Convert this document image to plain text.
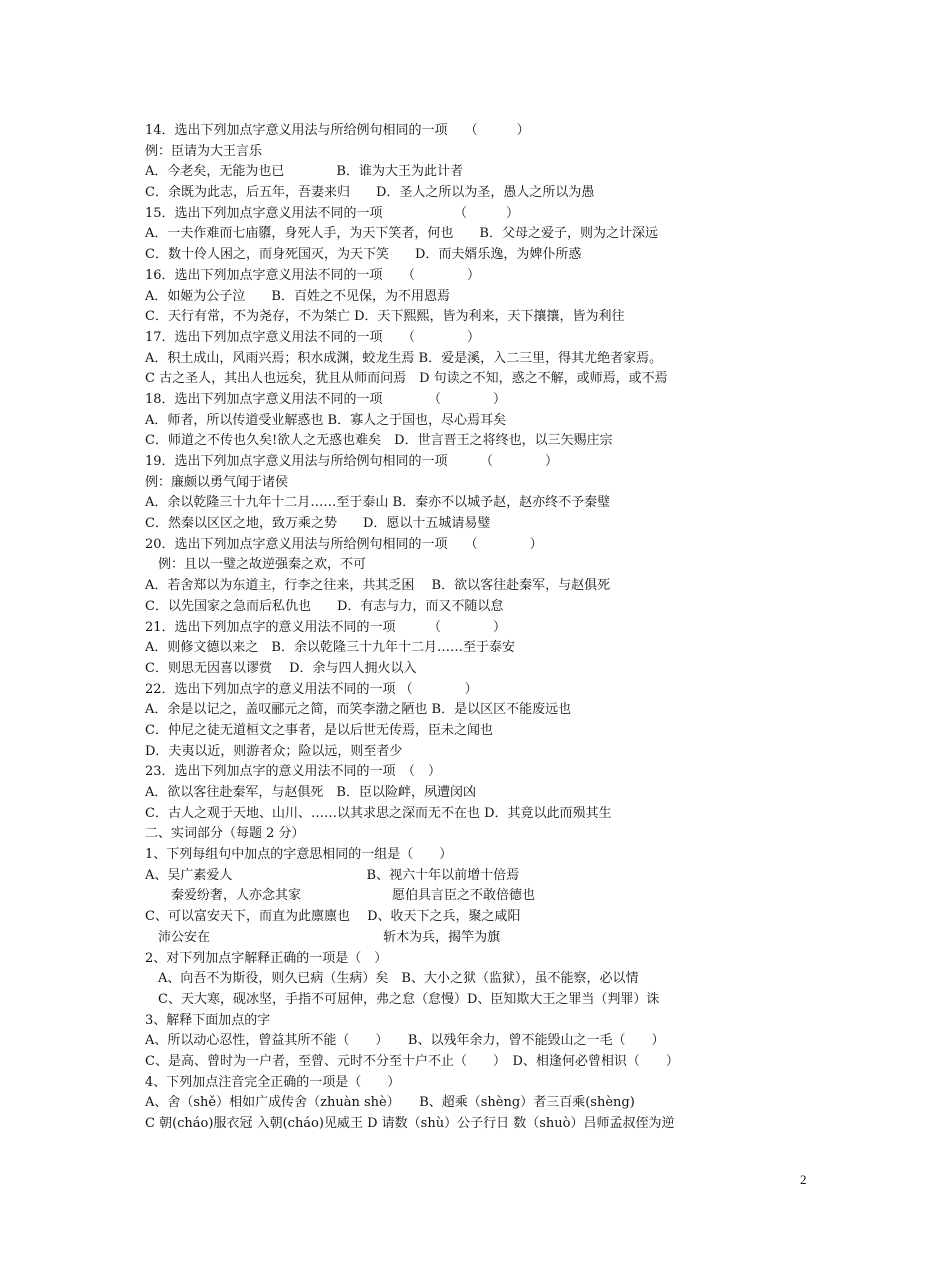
14．选出下列加点字意义用法与所给例句相同的一项　 （　　　）
例：臣请为大王言乐
A．今老矣，无能为也已　　　　B．谁为大王为此计者
C．余既为此志，后五年，吾妻来归　　D．圣人之所以为圣，愚人之所以为愚
15．选出下列加点字意义用法不同的一项　　　　　　（　　　）
A．一夫作难而七庙隳，身死人手，为天下笑者，何也　　B．父母之爱子，则为之计深远
C．数十伶人困之，而身死国灭，为天下笑　　D．而夫婿乐逸，为婢仆所惑
16．选出下列加点字意义用法不同的一项　　（　　　　）
A．如姬为公子泣　　B．百姓之不见保，为不用恩焉
C．天行有常，不为尧存，不为桀亡 D．天下熙熙，皆为利来，天下攘攘，皆为利往
17．选出下列加点字意义用法不同的一项　　（　　　　）
A．积土成山，风雨兴焉；积水成渊，蛟龙生焉 B．爱是溪，入二三里，得其尤绝者家焉。
C 古之圣人，其出人也远矣，犹且从师而问焉　D 句读之不知，惑之不解，或师焉，或不焉
18．选出下列加点字意义用法不同的一项　　　　（　　　　）
A．师者，所以传道受业解惑也 B．寡人之于国也，尽心焉耳矣
C．师道之不传也久矣!欲人之无惑也难矣　D．世言晋王之将终也，以三矢赐庄宗
19．选出下列加点字意义用法与所给例句相同的一项　　　（　　　　）
例：廉颇以勇气闻于诸侯
A．余以乾隆三十九年十二月……至于泰山 B．秦亦不以城予赵，赵亦终不予秦璧
C．然秦以区区之地，致万乘之势　　D．愿以十五城请易璧
20．选出下列加点字意义用法与所给例句相同的一项　 （　　　　）
　例：且以一璧之故逆强秦之欢，不可
A．若舍郑以为东道主，行李之往来，共其乏困　 B．欲以客往赴秦军，与赵俱死
C．以先国家之急而后私仇也　　D．有志与力，而又不随以怠
21．选出下列加点字的意义用法不同的一项　　　（　　　　）
A．则修文德以来之　B．余以乾隆三十九年十二月……至于泰安
C．则思无因喜以谬赏　 D．余与四人拥火以入
22．选出下列加点字的意义用法不同的一项 （　　　　）
A．余是以记之，盖叹郦元之简，而笑李渤之陋也 B．是以区区不能废远也
C．仲尼之徒无道桓文之事者，是以后世无传焉，臣未之闻也
D．夫夷以近，则游者众；险以远，则至者少
23．选出下列加点字的意义用法不同的一项　（　）
A．欲以客往赴秦军，与赵俱死　B．臣以险衅，夙遭闵凶
C．古人之观于天地、山川、……以其求思之深而无不在也 D．其竟以此而殒其生
二、实词部分（每题 2 分）
1、下列每组句中加点的字意思相同的一组是（　　）
A、吴广素爱人　　　　　　　　　　 B、视六十年以前增十倍焉
　　秦爱纷奢，人亦念其家　　　　　　　愿伯具言臣之不敢倍德也
C、可以富安天下，而直为此廪廪也　 D、收天下之兵，聚之咸阳
　沛公安在　　　　　　　　　　　　　 斩木为兵，揭竿为旗
2、对下列加点字解释正确的一项是（　）
　A、向吾不为斯役，则久已病（生病）矣　B、大小之狱（监狱），虽不能察，必以情
　C、天大寒，砚冰坚，手指不可屈伸，弗之怠（怠慢）D、臣知欺大王之罪当（判罪）诛
3、解释下面加点的字
A、所以动心忍性，曾益其所不能（　　）　　B、以残年余力，曾不能毁山之一毛（　　）
C、是高、曾时为一户者，至曾、元时不分至十户不止（　　）　D、相逢何必曾相识（　　）
4、下列加点注音完全正确的一项是（　　）
A、舍（shě）相如广成传舍（zhuàn shè）　　B、超乘（shèng）者三百乘(shèng)
C 朝(cháo)服衣冠 入朝(cháo)见威王 D 请数（shù）公子行日 数（shuò）吕师孟叔侄为逆
2
